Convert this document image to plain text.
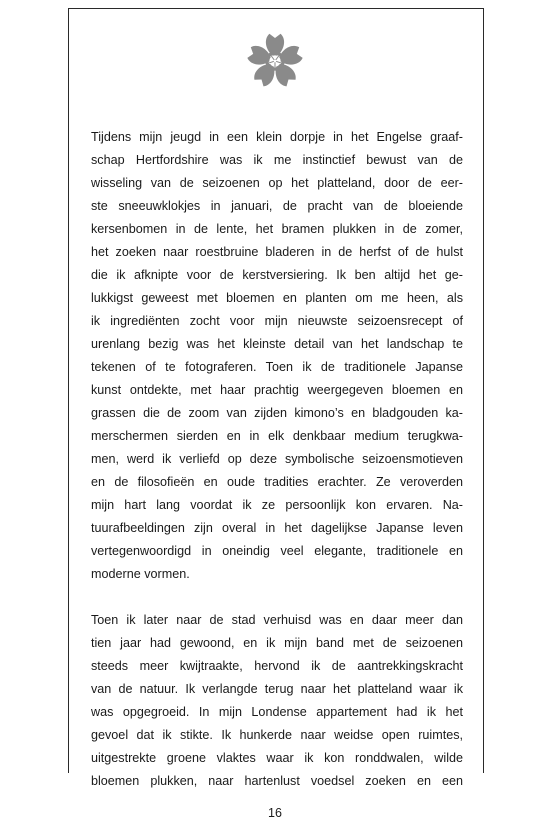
Tijdens mijn jeugd in een klein dorpje in het Engelse graaf-
schap Hertfordshire was ik me instinctief bewust van de
wisseling van de seizoenen op het platteland, door de eer-
ste sneeuwklokjes in januari, de pracht van de bloeiende
kersenbomen in de lente, het bramen plukken in de zomer,
het zoeken naar roestbruine bladeren in de herfst of de hulst
die ik afknipte voor de kerstversiering. Ik ben altijd het ge-
lukkigst geweest met bloemen en planten om me heen, als
ik ingrediënten zocht voor mijn nieuwste seizoensrecept of
urenlang bezig was het kleinste detail van het landschap te
tekenen of te fotograferen. Toen ik de traditionele Japanse
kunst ontdekte, met haar prachtig weergegeven bloemen en
grassen die de zoom van zijden kimono’s en bladgouden ka-
merschermen sierden en in elk denkbaar medium terugkwa-
men, werd ik verliefd op deze symbolische seizoensmotieven
en de filosofieën en oude tradities erachter. Ze veroverden
mijn hart lang voordat ik ze persoonlijk kon ervaren. Na-
tuurafbeeldingen zijn overal in het dagelijkse Japanse leven
vertegenwoordigd in oneindig veel elegante, traditionele en
moderne vormen.
Toen ik later naar de stad verhuisd was en daar meer dan
tien jaar had gewoond, en ik mijn band met de seizoenen
steeds meer kwijtraakte, hervond ik de aantrekkingskracht
van de natuur. Ik verlangde terug naar het platteland waar ik
was opgegroeid. In mijn Londense appartement had ik het
gevoel dat ik stikte. Ik hunkerde naar weidse open ruimtes,
uitgestrekte groene vlaktes waar ik kon ronddwalen, wilde
bloemen plukken, naar hartenlust voedsel zoeken en een
16
